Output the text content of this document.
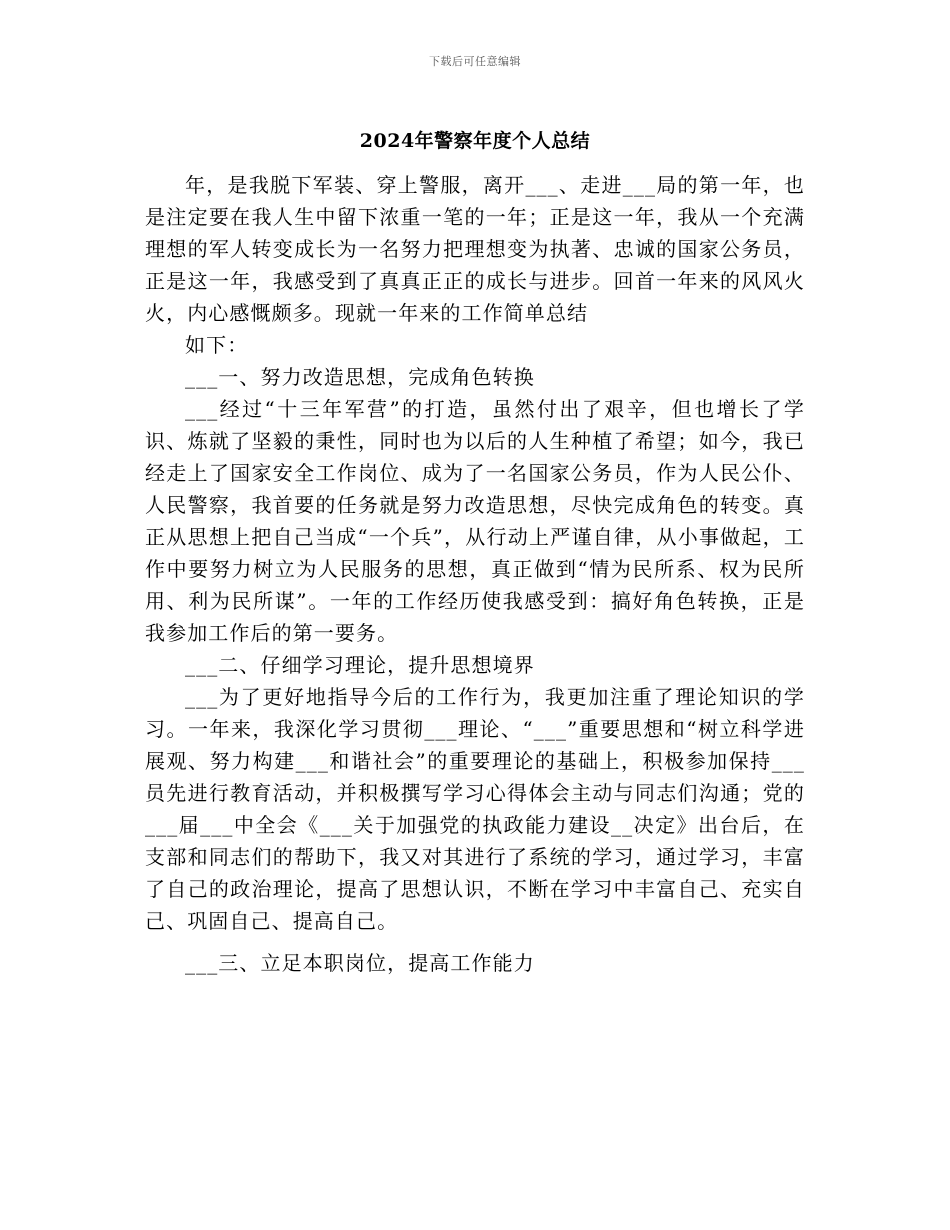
下载后可任意编辑
2024年警察年度个人总结

年，是我脱下军装、穿上警服，离开___、走进___局的第一年，也是注定要在我人生中留下浓重一笔的一年；正是这一年，我从一个充满理想的军人转变成长为一名努力把理想变为执著、忠诚的国家公务员，正是这一年，我感受到了真真正正的成长与进步。回首一年来的风风火火，内心感慨颇多。现就一年来的工作简单总结

如下：

___一、努力改造思想，完成角色转换

___经过“十三年军营”的打造，虽然付出了艰辛，但也增长了学识、炼就了坚毅的秉性，同时也为以后的人生种植了希望；如今，我已经走上了国家安全工作岗位、成为了一名国家公务员，作为人民公仆、人民警察，我首要的任务就是努力改造思想，尽快完成角色的转变。真正从思想上把自己当成“一个兵”，从行动上严谨自律，从小事做起，工作中要努力树立为人民服务的思想，真正做到“情为民所系、权为民所用、利为民所谋”。一年的工作经历使我感受到：搞好角色转换，正是我参加工作后的第一要务。

___二、仔细学习理论，提升思想境界

___为了更好地指导今后的工作行为，我更加注重了理论知识的学习。一年来，我深化学习贯彻___理论、“___”重要思想和“树立科学进展观、努力构建___和谐社会”的重要理论的基础上，积极参加保持___员先进行教育活动，并积极撰写学习心得体会主动与同志们沟通；党的___届___中全会《___关于加强党的执政能力建设__决定》出台后，在支部和同志们的帮助下，我又对其进行了系统的学习，通过学习，丰富了自己的政治理论，提高了思想认识，不断在学习中丰富自己、充实自己、巩固自己、提高自己。

___三、立足本职岗位，提高工作能力
